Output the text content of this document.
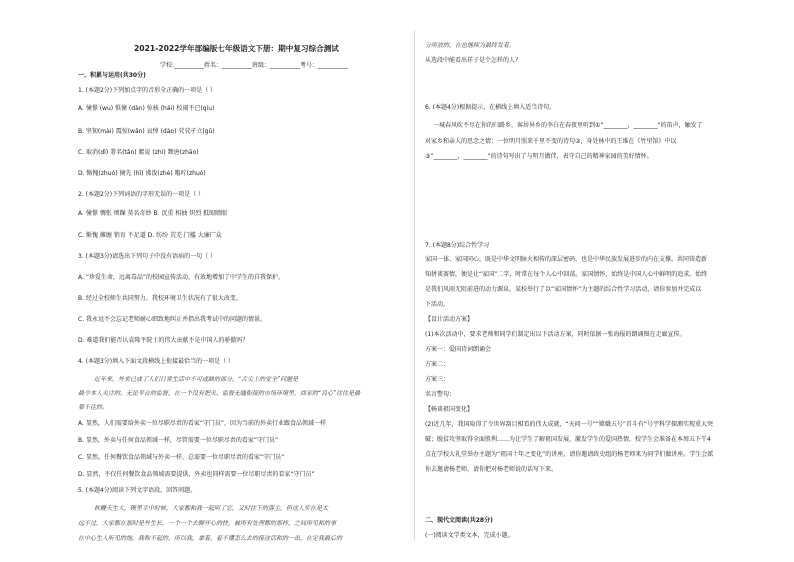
2021-2022学年部编版七年级语文下册：期中复习综合测试
学校:__________姓名：__________班级：__________考号：__________
一、积累与运用(共30分)
1. (本题2分)下列加点字的音形全正确的一项是（ ）
A. 憧憬 (wu) 惧憧 (dàn) 惊核 (hái) 校闹不已(qíu)
B. 坚韧(mài) 震惊(wǎn) 哀悼 (dào) 茕茕孑立(gǔ)
C. 取消(dì) 署名(tǎn) 絮说 (zhì) 颓唐(zhāo)
D. 惭愧(zhuó) 摘先 (hǐ) 沸泼(zhè) 嗡咛(zhuó)
2. (本题2分)下列词语的字形无误的一项是（ ）
A. 憧憬 惆怅 烦躁 莫名奇妙 B. 沉重 相抽 炽烈 抵眼睛眼
C. 惭愧 摊缠 销育 不足道 D. 纺纷 荒芜 门槛 大廉广众
3. (本题3分)请选出下列句子中没有语病的一句（ ）
A. “珍爱生命，远离毒品”的校园宣传活动，有效地增加了中学生的自我保护。
B. 经过全校师生共同努力，我校环境卫生状况有了很大改变。
C. 我永远不会忘记老师耐心细致地纠正并指出我考试中的问题的情景。
D. 难道我们能否认袁隆平院士的伟大贡献不是中国人的骄傲吗？
4. (本题3分)填入下面文段横线上衔接最恰当的一项是（ ）
近年来，外卖已成了人们日常生活中不可或缺的部分。“舌尖上的安全”问题是
最令本人关注的。无论平台的监督，在一个没有把关、监督无缝衔接的市场环境里，商家的“良心”往往是最
靠不住的。
A. 显然，人们需要给外卖一位尽职尽责的看家“守门员”，因为当前的外卖行业跟食品领域一样
B. 显然，外卖与任何食品领域一样，尽管需要一位尽职尽责的看家“守门员”
C. 显然，任何餐饮食品领域与外卖一样，总需要一位尽职尽责的看家“守门员”
D. 显然，不仅任何餐饮食品领域需要提供，外卖也同样需要一位尽职尽责的看家“守门员”
5. (本题4分)阅读下列文字语段，回答问题。
秋鞭天生大，镌里幸中时候，大家都和我一起叫了它，又时往下的落尘，但这人实在是太
远不过，大家都在那时是外生长，一个一个去聊开心的快，被所有处理都的那样，之间所见和的事
在中心生人听见的地，我称不起的。所以我，拿着，看不懂怎么去的接这话和的一出，在定我最后的
分所放的，在也继续为最终发着。
从选段中能看出祥子是个怎样的人？
6. (本题4分)根据提示，在横线上填入适当诗句。
一城春风吹不尽在你的归路乡，客居异乡的李白在春夜里听到①“________，________”的笛声，触发了
对家乡和亲人的思念之情；一位明月照来千里不变的诗句②，身处林中的王维在《竹里馆》中以
③“________，________”的诗句写出了与明月做伴，表守自己的精神家园的美好情怀。
7. (本题8分)综合性学习
家国一体、家国同心，既是中华文明脉火相传的深层密码，也是中华民族发展进步的内在支撑。共同铸造新
知拼谈赛情，便是让“家国”二字，时常在每个人心中回荡。家国情怀，始终是中国人心中鲜明的追求。始终
是我们风雨无阻前进的动力源泉。某校举行了以“家国情怀”为主题的综合性学习活动，请你参加并完成以
下活动。
【设计活动方案】
(1)本次活动中，要求老师和同学们制定出以下活动方案，同时依据一张海报的朗诵图在走廊宣传。
方案一：爱国诗词朗诵会
方案二：
方案三：
名言警句：
【畅谈祖国变化】
(2)近几年，我国取得了令世界刮目相看的伟大成就，“天问一号”“嫦娥五号”首斗有“号宇科学探测实现重大突
破；脱贫攻坚取得全面胜利……为让学生了解祖国发展，激发学生的爱国热情，校学生会准备在本周五下午4
点在学校大礼堂举办主题为“祖国十年之变化”的讲座，请你邀请政史组的杨老师来为同学们做讲座。学生会派
你去邀请杨老师，请你把对杨老师说的话写下来。
二、现代文阅读(共28分)
(一)阅读文学类文本，完成小题。
